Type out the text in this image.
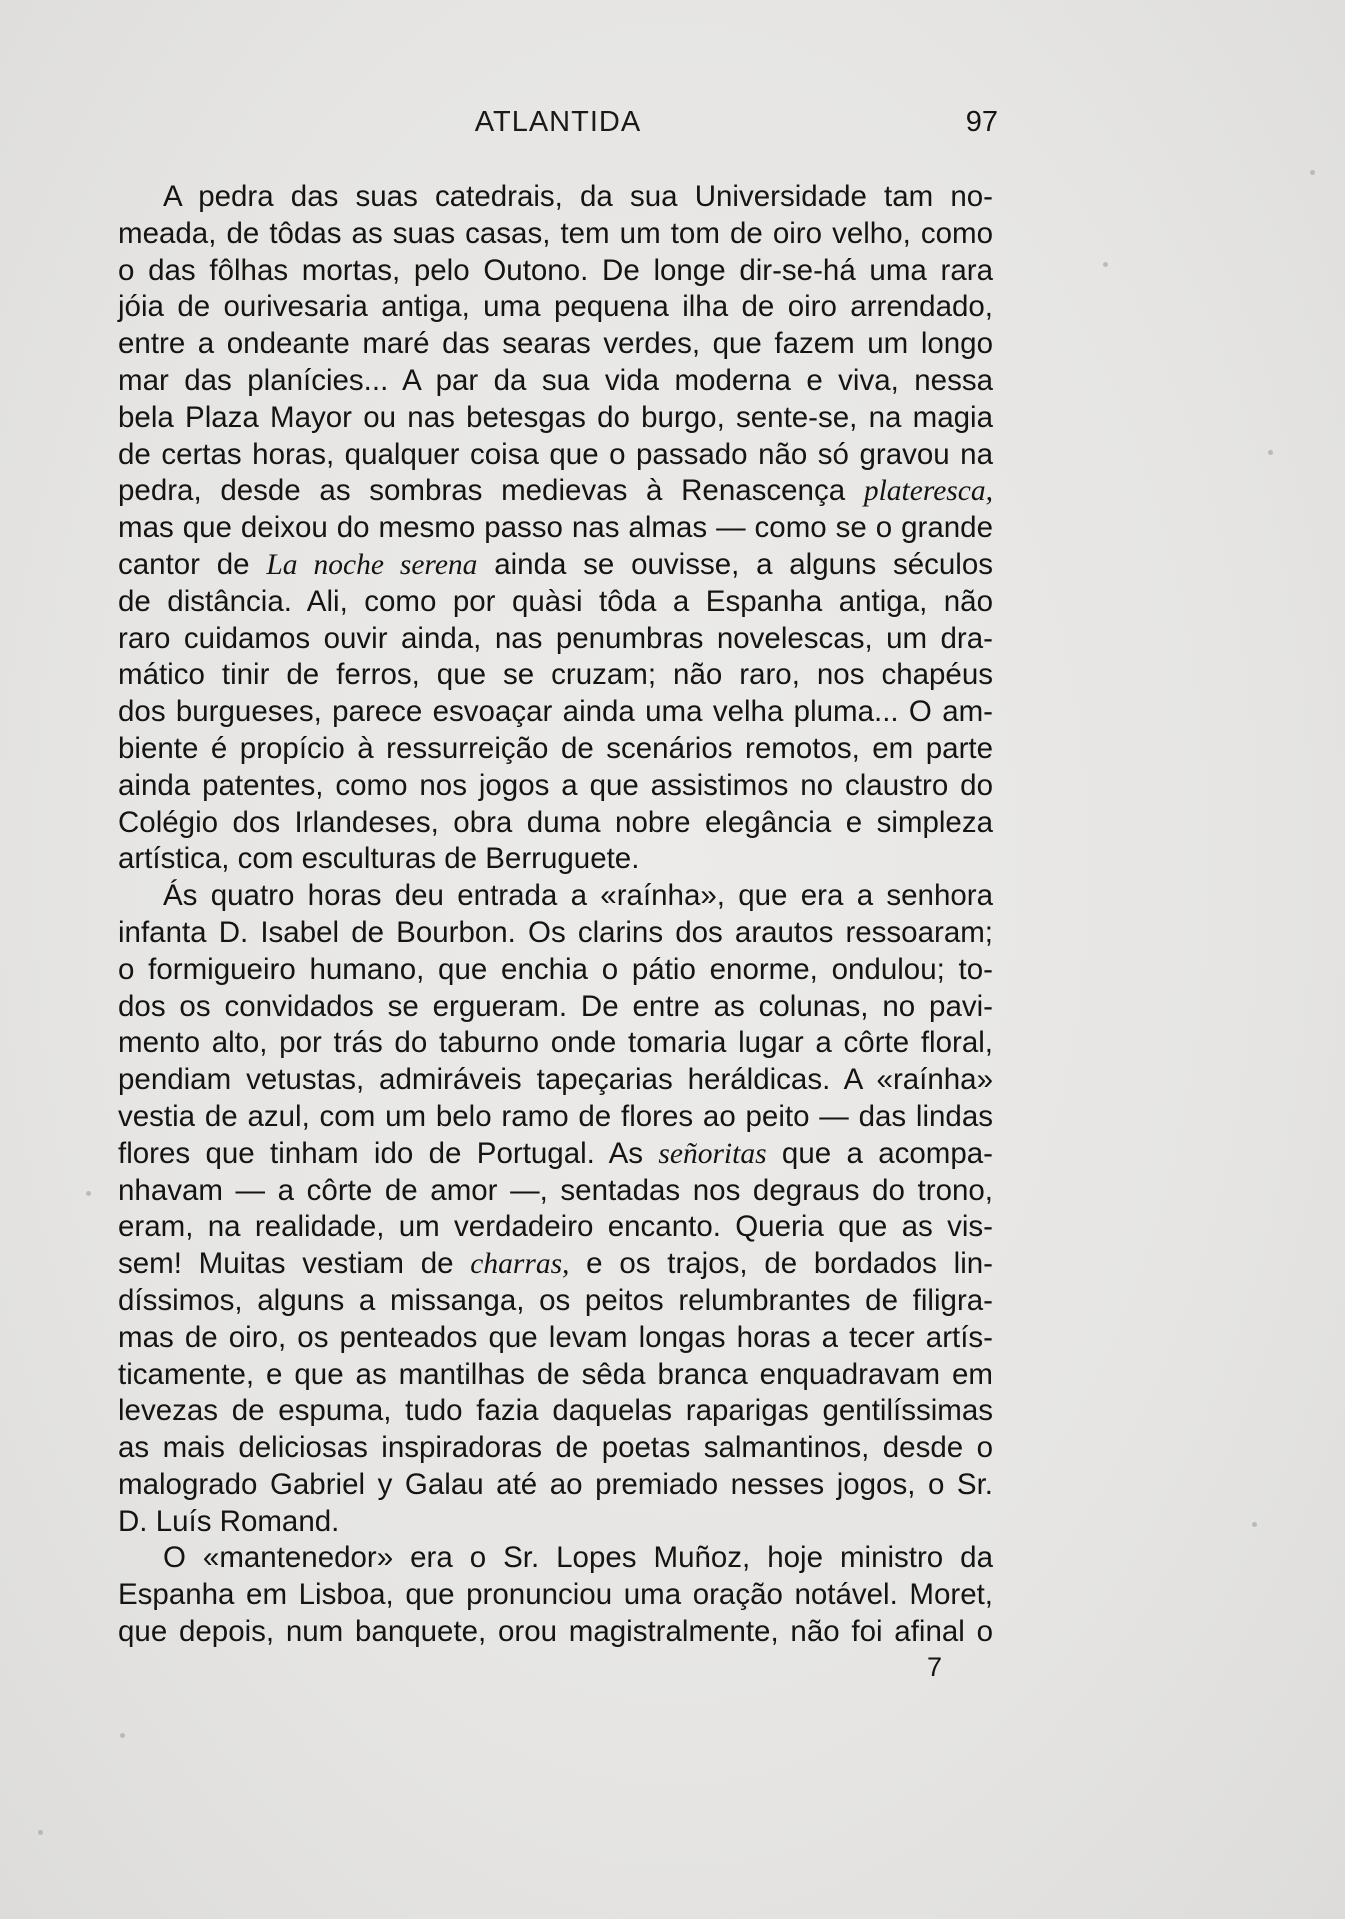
ATLANTIDA	97
A pedra das suas catedrais, da sua Universidade tam no-
meada, de tôdas as suas casas, tem um tom de oiro velho, como
o das fôlhas mortas, pelo Outono. De longe dir-se-há uma rara
jóia de ourivesaria antiga, uma pequena ilha de oiro arrendado,
entre a ondeante maré das searas verdes, que fazem um longo
mar das planícies... A par da sua vida moderna e viva, nessa
bela Plaza Mayor ou nas betesgas do burgo, sente-se, na magia
de certas horas, qualquer coisa que o passado não só gravou na
pedra, desde as sombras medievas à Renascença plateresca,
mas que deixou do mesmo passo nas almas — como se o grande
cantor de La noche serena ainda se ouvisse, a alguns séculos
de distância. Ali, como por quàsi tôda a Espanha antiga, não
raro cuidamos ouvir ainda, nas penumbras novelescas, um dra-
mático tinir de ferros, que se cruzam; não raro, nos chapéus
dos burgueses, parece esvoaçar ainda uma velha pluma... O am-
biente é propício à ressurreição de scenários remotos, em parte
ainda patentes, como nos jogos a que assistimos no claustro do
Colégio dos Irlandeses, obra duma nobre elegância e simpleza
artística, com esculturas de Berruguete.
Ás quatro horas deu entrada a «raínha», que era a senhora
infanta D. Isabel de Bourbon. Os clarins dos arautos ressoaram;
o formigueiro humano, que enchia o pátio enorme, ondulou; to-
dos os convidados se ergueram. De entre as colunas, no pavi-
mento alto, por trás do taburno onde tomaria lugar a côrte floral,
pendiam vetustas, admiráveis tapeçarias heráldicas. A «raínha»
vestia de azul, com um belo ramo de flores ao peito — das lindas
flores que tinham ido de Portugal. As señoritas que a acompa-
nhavam — a côrte de amor —, sentadas nos degraus do trono,
eram, na realidade, um verdadeiro encanto. Queria que as vis-
sem! Muitas vestiam de charras, e os trajos, de bordados lin-
díssimos, alguns a missanga, os peitos relumbrantes de filigra-
mas de oiro, os penteados que levam longas horas a tecer artís-
ticamente, e que as mantilhas de sêda branca enquadravam em
levezas de espuma, tudo fazia daquelas raparigas gentilíssimas
as mais deliciosas inspiradoras de poetas salmantinos, desde o
malogrado Gabriel y Galau até ao premiado nesses jogos, o Sr.
D. Luís Romand.
O «mantenedor» era o Sr. Lopes Muñoz, hoje ministro da
Espanha em Lisboa, que pronunciou uma oração notável. Moret,
que depois, num banquete, orou magistralmente, não foi afinal o
7
